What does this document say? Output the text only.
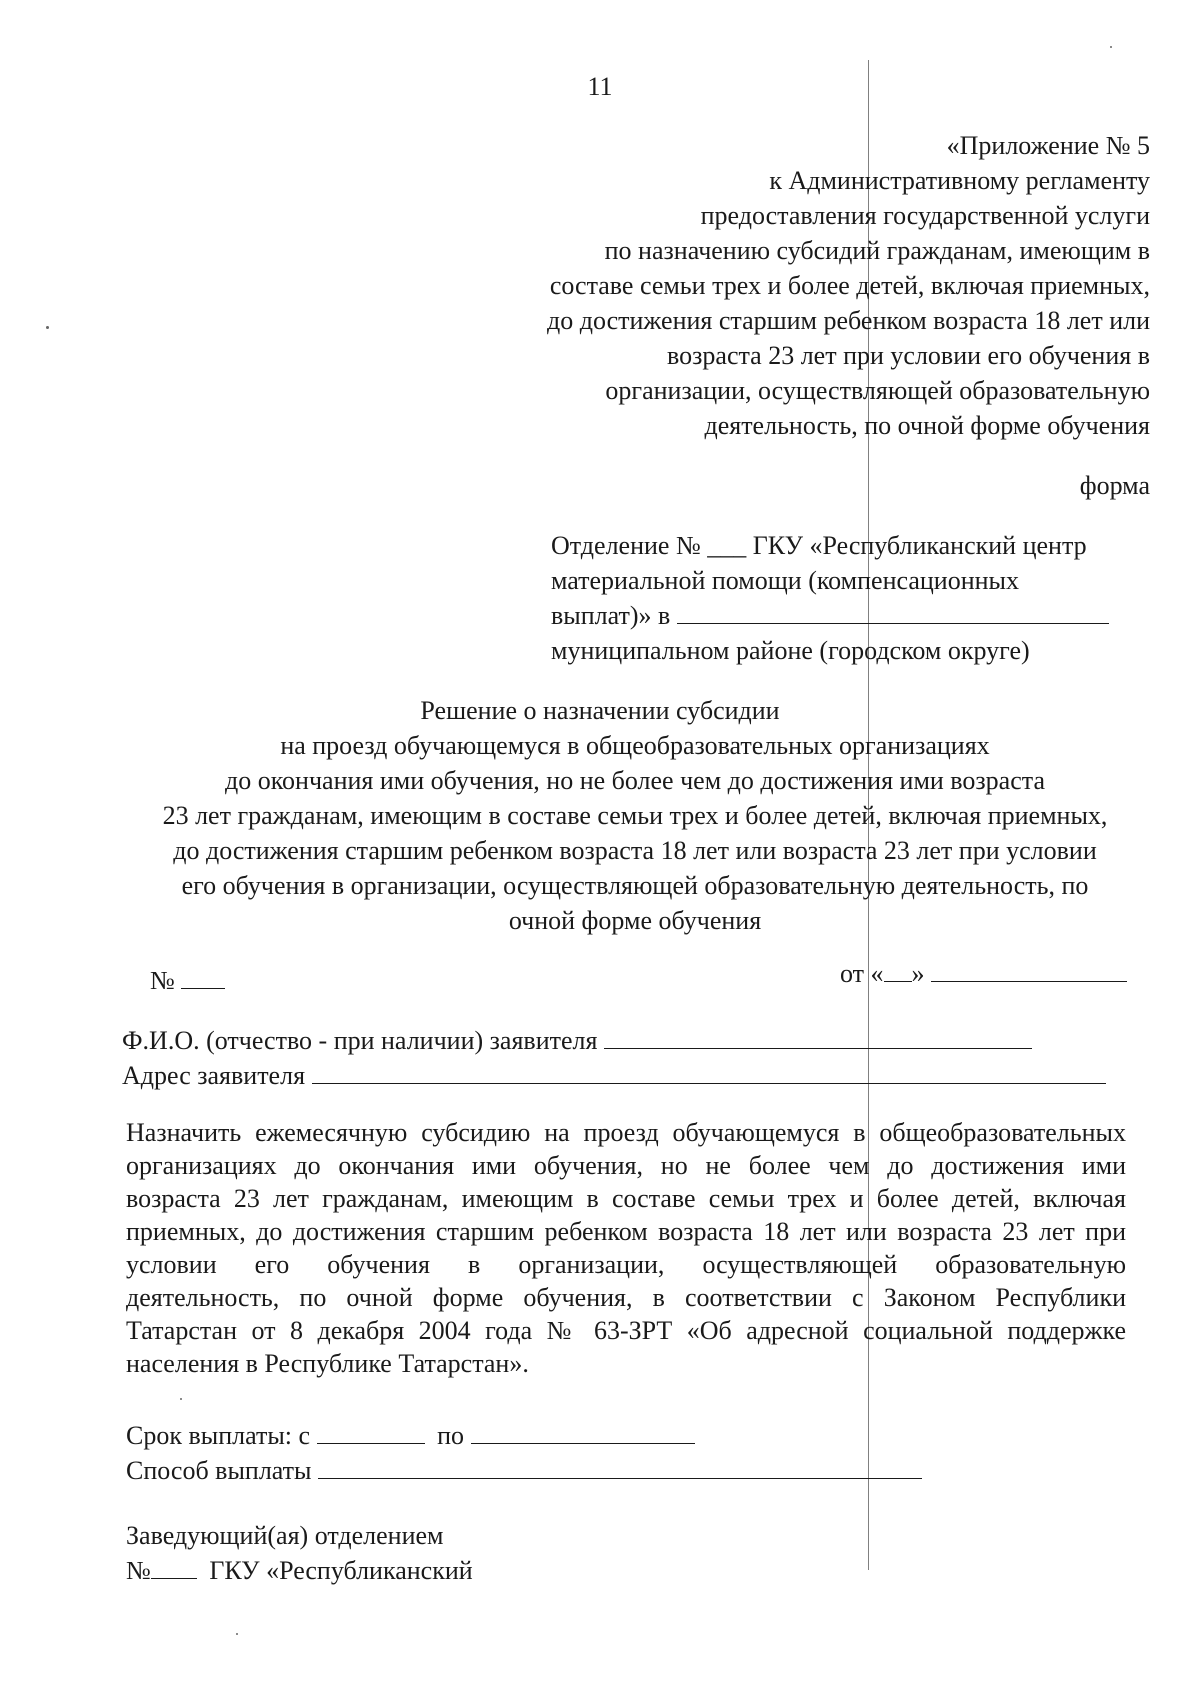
11
«Приложение № 5
к Административному регламенту
предоставления государственной услуги
по назначению субсидий гражданам, имеющим в
составе семьи трех и более детей, включая приемных,
до достижения старшим ребенком возраста 18 лет или
возраста 23 лет при условии его обучения в
организации, осуществляющей образовательную
деятельность, по очной форме обучения
форма
Отделение № ___ ГКУ «Республиканский центр
материальной помощи (компенсационных
выплат)» в
муниципальном районе (городском округе)
Решение о назначении субсидии
на проезд обучающемуся в общеобразовательных организациях
до окончания ими обучения, но не более чем до достижения ими возраста
23 лет гражданам, имеющим в составе семьи трех и более детей, включая приемных,
до достижения старшим ребенком возраста 18 лет или возраста 23 лет при условии
его обучения в организации, осуществляющей образовательную деятельность, по
очной форме обучения
№	от « »
Ф.И.О. (отчество - при наличии) заявителя
Адрес заявителя
Назначить ежемесячную субсидию на проезд обучающемуся в общеобразовательных
организациях до окончания ими обучения, но не более чем до достижения ими
возраста 23 лет гражданам, имеющим в составе семьи трех и более детей, включая
приемных, до достижения старшим ребенком возраста 18 лет или возраста 23 лет при
условии его обучения в организации, осуществляющей образовательную
деятельность, по очной форме обучения, в соответствии с Законом Республики
Татарстан от 8 декабря 2004 года № 63-ЗРТ «Об адресной социальной поддержке
населения в Республике Татарстан».
Срок выплаты: с	по
Способ выплаты
Заведующий(ая) отделением
№ ГКУ «Республиканский
